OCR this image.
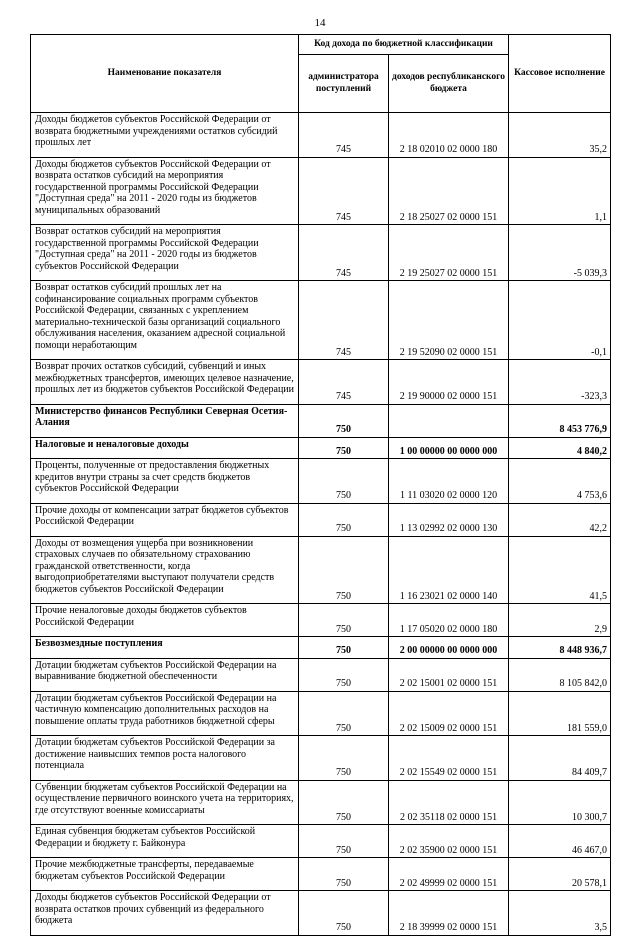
14
Наименование показателя	Код дохода по бюджетной классификации		Кассовое исполнение
	администратора поступлений	доходов республиканского бюджета	
Доходы бюджетов субъектов Российской Федерации от возврата бюджетными учреждениями остатков субсидий прошлых лет	745	2 18 02010 02 0000 180	35,2
Доходы бюджетов субъектов Российской Федерации от возврата остатков субсидий на мероприятия государственной программы Российской Федерации "Доступная среда" на 2011 - 2020 годы из бюджетов муниципальных образований	745	2 18 25027 02 0000 151	1,1
Возврат остатков субсидий на мероприятия государственной программы Российской Федерации "Доступная среда" на 2011 - 2020 годы из бюджетов субъектов Российской Федерации	745	2 19 25027 02 0000 151	-5 039,3
Возврат остатков субсидий прошлых лет на софинансирование социальных программ субъектов Российской Федерации, связанных с укреплением материально-технической базы организаций социального обслуживания населения, оказанием адресной социальной помощи неработающим	745	2 19 52090 02 0000 151	-0,1
Возврат прочих остатков субсидий, субвенций и иных межбюджетных трансфертов, имеющих целевое назначение, прошлых лет из бюджетов субъектов Российской Федерации	745	2 19 90000 02 0000 151	-323,3
Министерство финансов Республики Северная Осетия-Алания	750		8 453 776,9
Налоговые и неналоговые доходы	750	1 00 00000 00 0000 000	4 840,2
Проценты, полученные от предоставления бюджетных кредитов внутри страны за счет средств бюджетов субъектов Российской Федерации	750	1 11 03020 02 0000 120	4 753,6
Прочие доходы от компенсации затрат бюджетов субъектов Российской Федерации	750	1 13 02992 02 0000 130	42,2
Доходы от возмещения ущерба при возникновении страховых случаев по обязательному страхованию гражданской ответственности, когда выгодоприобретателями выступают получатели средств бюджетов субъектов Российской Федерации	750	1 16 23021 02 0000 140	41,5
Прочие неналоговые доходы бюджетов субъектов Российской Федерации	750	1 17 05020 02 0000 180	2,9
Безвозмездные поступления	750	2 00 00000 00 0000 000	8 448 936,7
Дотации бюджетам субъектов Российской Федерации на выравнивание бюджетной обеспеченности	750	2 02 15001 02 0000 151	8 105 842,0
Дотации бюджетам субъектов Российской Федерации на частичную компенсацию дополнительных расходов на повышение оплаты труда работников бюджетной сферы	750	2 02 15009 02 0000 151	181 559,0
Дотации бюджетам субъектов Российской Федерации за достижение наивысших темпов роста налогового потенциала	750	2 02 15549 02 0000 151	84 409,7
Субвенции бюджетам субъектов Российской Федерации на осуществление первичного воинского учета на территориях, где отсутствуют военные комиссариаты	750	2 02 35118 02 0000 151	10 300,7
Единая субвенция бюджетам субъектов Российской Федерации и бюджету г. Байконура	750	2 02 35900 02 0000 151	46 467,0
Прочие межбюджетные трансферты, передаваемые бюджетам субъектов Российской Федерации	750	2 02 49999 02 0000 151	20 578,1
Доходы бюджетов субъектов Российской Федерации от возврата остатков прочих субвенций из федерального бюджета	750	2 18 39999 02 0000 151	3,5
